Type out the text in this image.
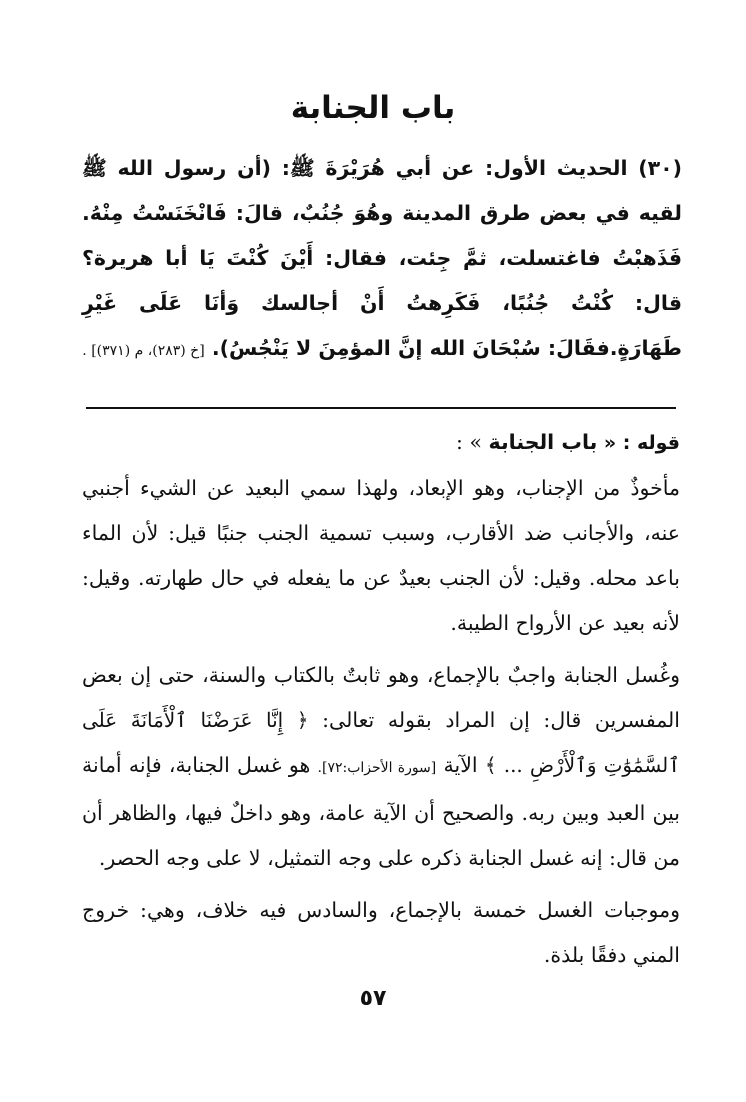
باب الجنابة
(٣٠) الحديث الأول: عن أبي هُرَيْرَةَ ﷺ: (أن رسول الله ﷺ لقيه في بعض طرق المدينة وهُوَ جُنُبٌ، قالَ: فَانْخَنَسْتُ مِنْهُ. فَذَهبْتُ فاغتسلت، ثمَّ جِئت، فقال: أَيْنَ كُنْتَ يَا أبا هريرة؟ قال: كُنْتُ جُنُبًا، فَكَرِهتُ أَنْ أجالسك وَأنَا عَلَى غَيْرِ طَهَارَةٍ.فقَالَ: سُبْحَانَ الله إنَّ المؤمِنَ لا يَنْجُسُ). [خ (٢٨٣)، م (٣٧١)] .

قوله : « باب الجنابة » :

مأخوذٌ من الإجناب، وهو الإبعاد، ولهذا سمي البعيد عن الشيء أجنبي عنه، والأجانب ضد الأقارب، وسبب تسمية الجنب جنبًا قيل: لأن الماء باعد محله. وقيل: لأن الجنب بعيدٌ عن ما يفعله في حال طهارته. وقيل: لأنه بعيد عن الأرواح الطيبة.

وغُسل الجنابة واجبٌ بالإجماع، وهو ثابتٌ بالكتاب والسنة، حتى إن بعض المفسرين قال: إن المراد بقوله تعالى: ﴿ إِنَّا عَرَضْنَا ٱلْأَمَانَةَ عَلَى ٱلسَّمَٰوَٰتِ وَٱلْأَرْضِ ... ﴾ الآية [سورة الأحزاب:٧٢]. هو غسل الجنابة، فإنه أمانة بين العبد وبين ربه. والصحيح أن الآية عامة، وهو داخلٌ فيها، والظاهر أن من قال: إنه غسل الجنابة ذكره على وجه التمثيل، لا على وجه الحصر.

وموجبات الغسل خمسة بالإجماع، والسادس فيه خلاف، وهي: خروج المني دفقًا بلذة.

٥٧
